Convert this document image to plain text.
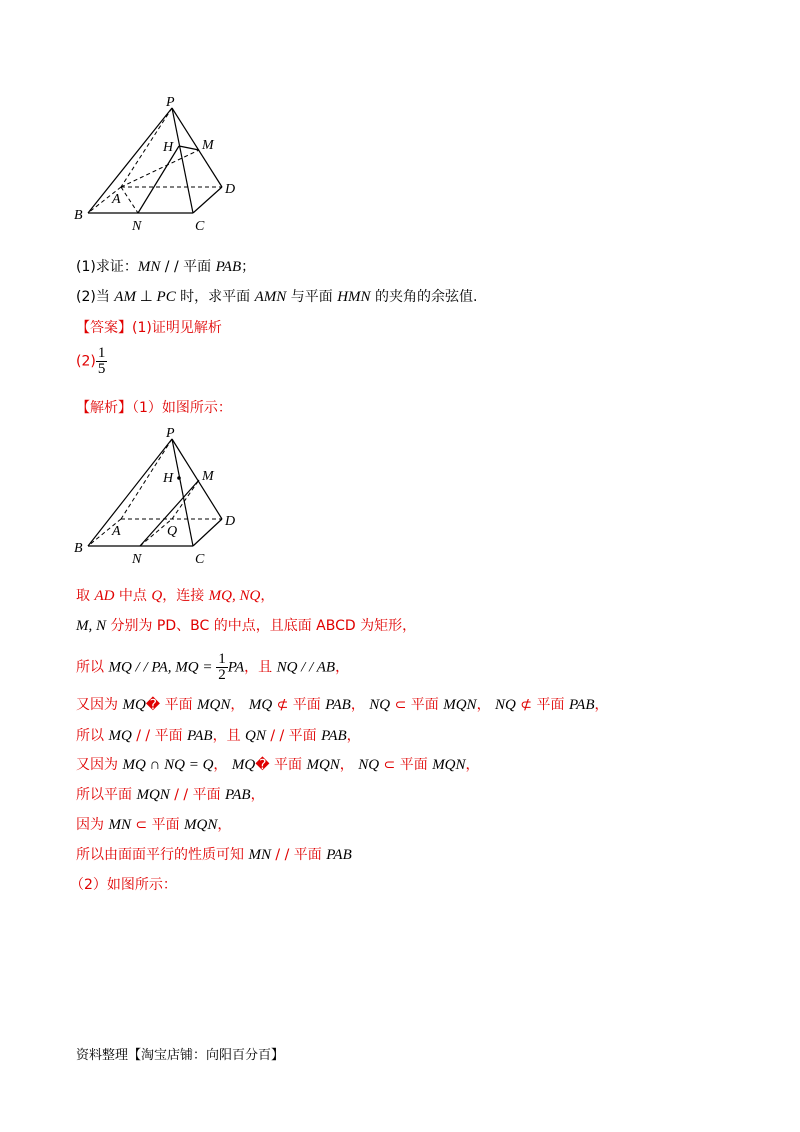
P
H M
A
D
B
N	C
(1)求证：MN / / 平面 PAB；
(2)当 AM ⊥ PC 时，求平面 AMN 与平面 HMN 的夹角的余弦值.
【答案】(1)证明见解析
$(2) \frac{1}{5}$
【解析】（1）如图所示：
P
H M
A	Q
D
B
N	C
取 AD 中点 Q，连接 MQ, NQ，
M, N 分别为 PD、BC 的中点，且底面 ABCD 为矩形，
所以 MQ / / PA, MQ = $\frac{1}{2}$ PA，且 NQ / / AB，
又因为 MQ� 平面 MQN， MQ ⊄ 平面 PAB， NQ ⊂ 平面 MQN， NQ ⊄ 平面 PAB，
所以 MQ / / 平面 PAB，且 QN / / 平面 PAB，
又因为 MQ ∩ NQ = Q， MQ� 平面 MQN， NQ ⊂ 平面 MQN，
所以平面 MQN / / 平面 PAB，
因为 MN ⊂ 平面 MQN，
所以由面面平行的性质可知 MN / / 平面 PAB
（2）如图所示：
资料整理【淘宝店铺：向阳百分百】
